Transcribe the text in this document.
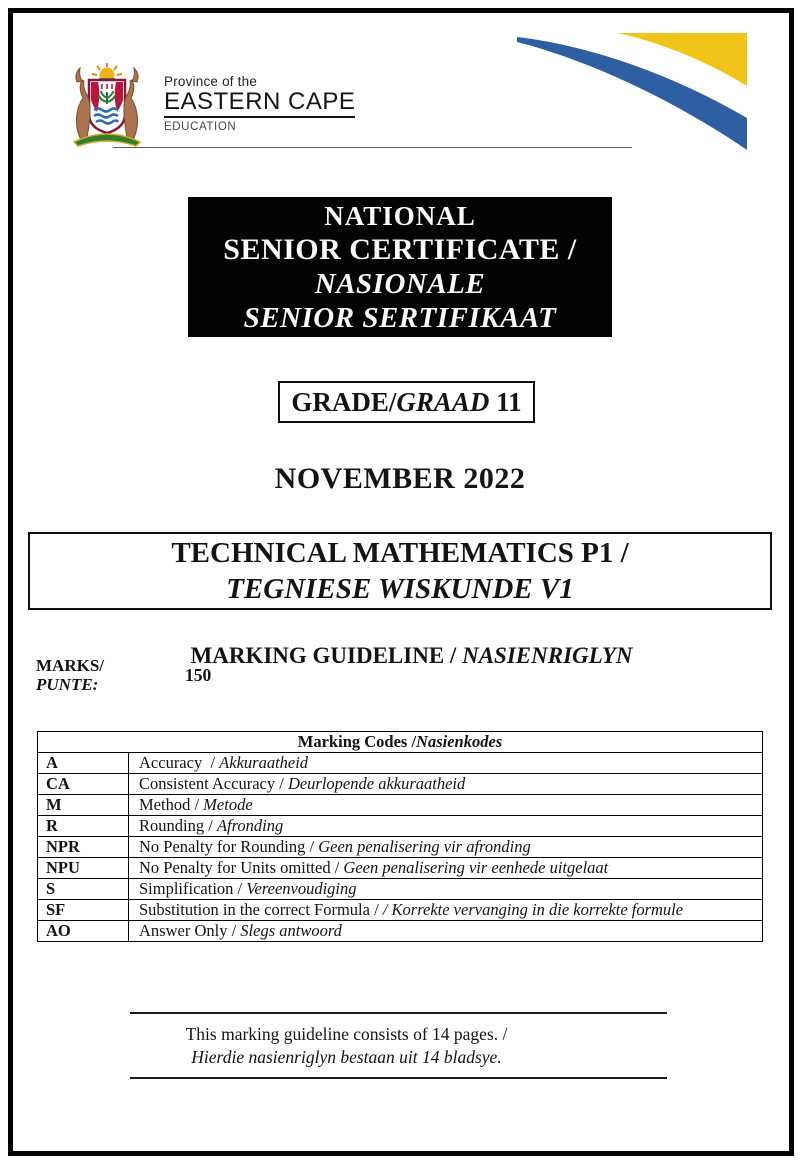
Province of the
EASTERN CAPE
EDUCATION
NATIONAL
SENIOR CERTIFICATE /
NASIONALE
SENIOR SERTIFIKAAT
GRADE/ GRAAD 11
NOVEMBER 2022
TECHNICAL MATHEMATICS P1 /
TEGNIESE WISKUNDE V1

MARKING GUIDELINE / NASIENRIGLYN

MARKS/
PUNTE:	150
Marking Codes /Nasienkodes	
A	Accuracy  / Akkuraatheid
CA	Consistent Accuracy / Deurlopende akkuraatheid
M	Method / Metode
R	Rounding / Afronding
NPR	No Penalty for Rounding / Geen penalisering vir afronding
NPU	No Penalty for Units omitted / Geen penalisering vir eenhede uitgelaat
S	Simplification / Vereenvoudiging
SF	Substitution in the correct Formula / / Korrekte vervanging in die korrekte formule
AO	Answer Only / Slegs antwoord
This marking guideline consists of 14 pages. /
Hierdie nasienriglyn bestaan uit 14 bladsye.
